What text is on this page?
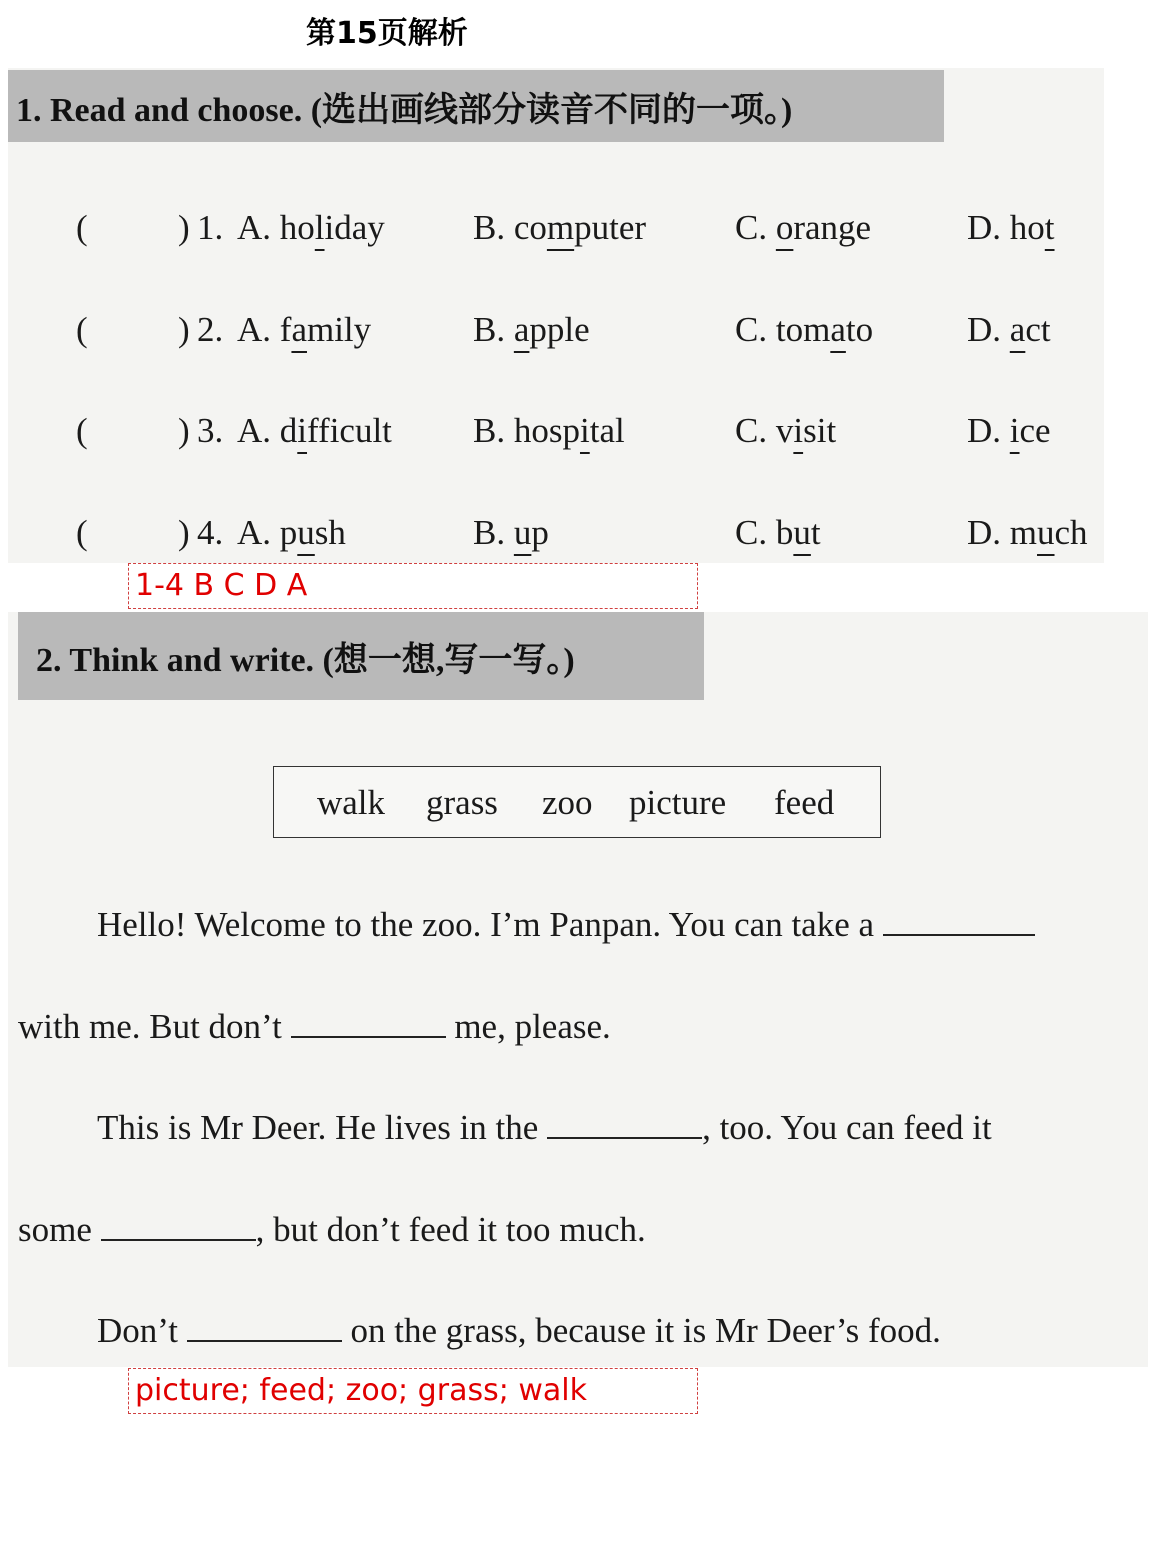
第15页解析
1. Read and choose. (选出画线部分读音不同的一项。)
(	) 1. A. holiday	B. computer	C. orange	D. hot
(	) 2. A. family	B. apple	C. tomato	D. act
(	) 3. A. difficult B. hospital	C. visit	D. ice
(	) 4. A. push	B. up	C. but	D. much
1-4 B C D A
2. Think and write. (想一想,写一写。)
walk grass zoo picture feed
Hello! Welcome to the zoo. I’m Panpan. You can take a
with me. But don’t	me, please.
This is Mr Deer. He lives in the	, too. You can feed it
some	, but don’t feed it too much.
Don’t	on the grass, because it is Mr Deer’s food.
picture; feed; zoo; grass; walk
